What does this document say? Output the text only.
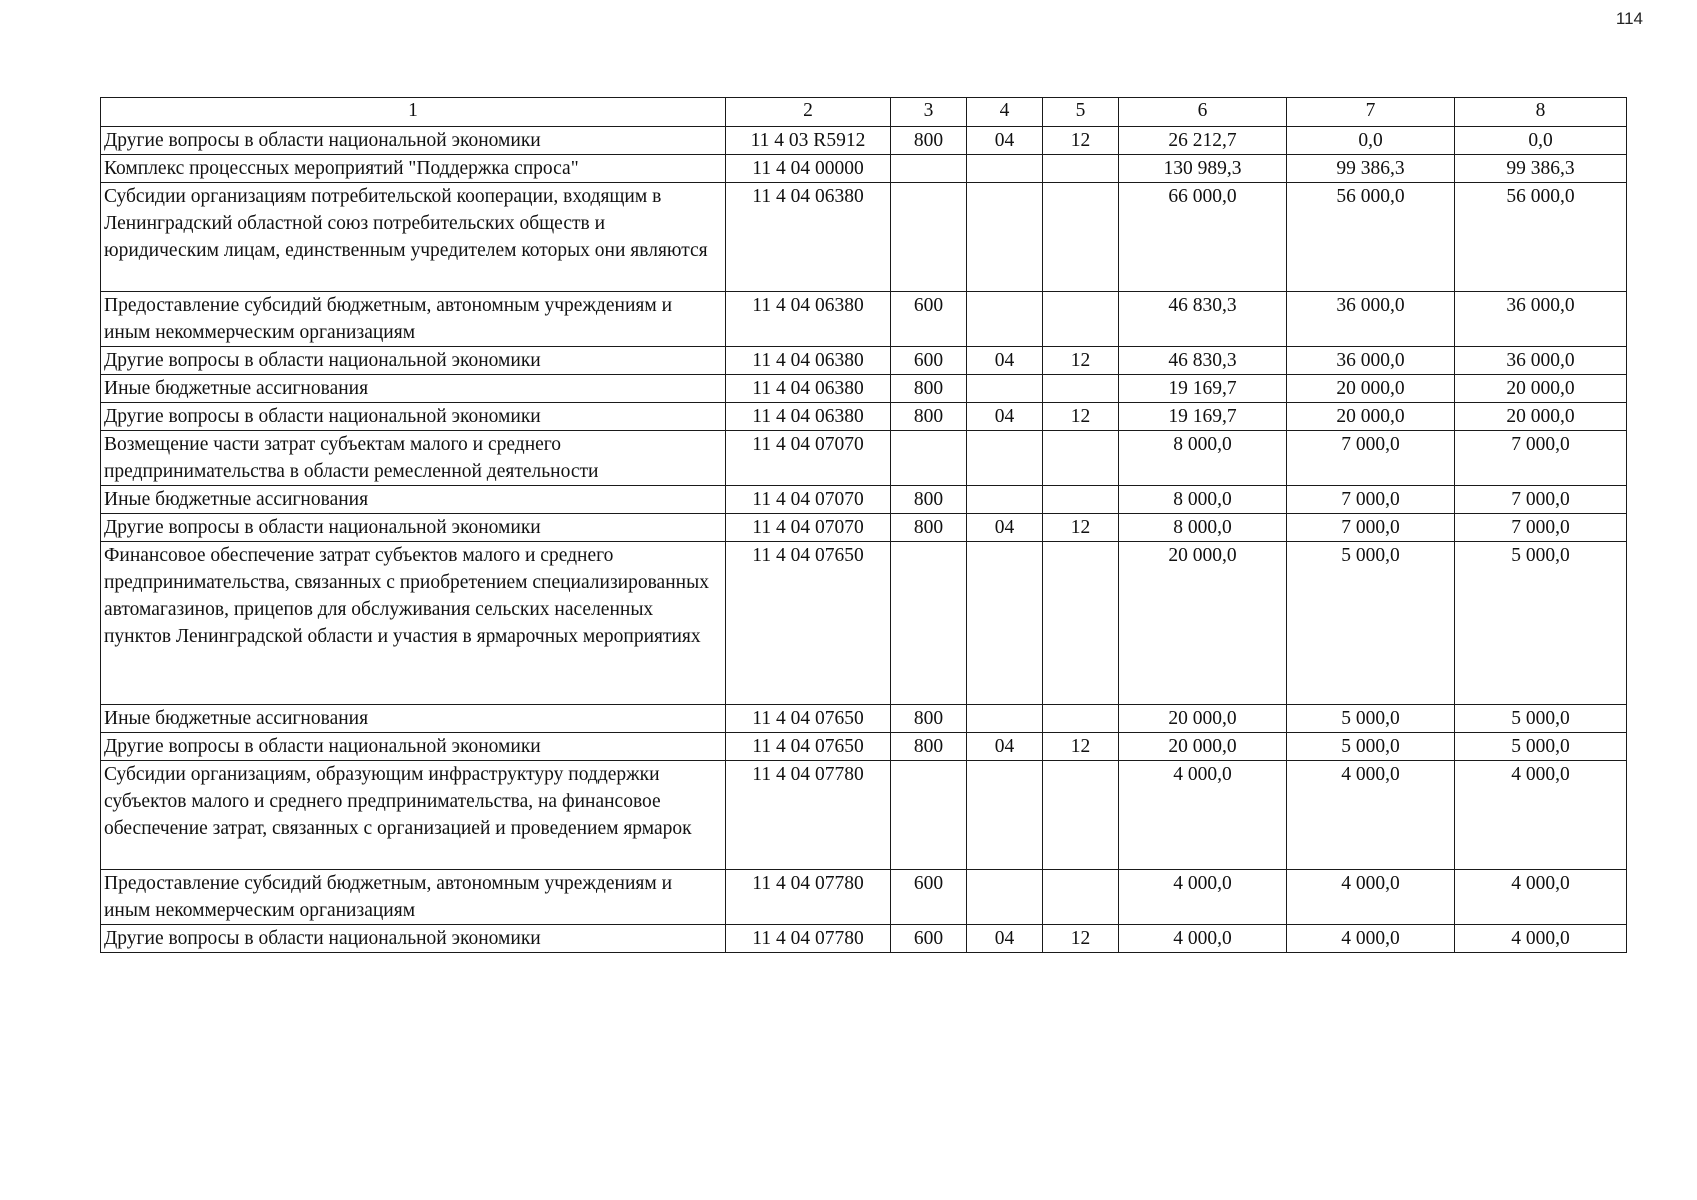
114
1	2	3	4	5	6	7	8
Другие вопросы в области национальной экономики	11 4 03 R5912	800	04	12	26 212,7	0,0	0,0
Комплекс процессных мероприятий "Поддержка спроса"	11 4 04 00000				130 989,3	99 386,3	99 386,3
Субсидии организациям потребительской кооперации, входящим в Ленинградский областной союз потребительских обществ и юридическим лицам, единственным учредителем которых они являются	11 4 04 06380				66 000,0	56 000,0	56 000,0
Предоставление субсидий бюджетным, автономным учреждениям и иным некоммерческим организациям	11 4 04 06380	600			46 830,3	36 000,0	36 000,0
Другие вопросы в области национальной экономики	11 4 04 06380	600	04	12	46 830,3	36 000,0	36 000,0
Иные бюджетные ассигнования	11 4 04 06380	800			19 169,7	20 000,0	20 000,0
Другие вопросы в области национальной экономики	11 4 04 06380	800	04	12	19 169,7	20 000,0	20 000,0
Возмещение части затрат субъектам малого и среднего предпринимательства в области ремесленной деятельности	11 4 04 07070				8 000,0	7 000,0	7 000,0
Иные бюджетные ассигнования	11 4 04 07070	800			8 000,0	7 000,0	7 000,0
Другие вопросы в области национальной экономики	11 4 04 07070	800	04	12	8 000,0	7 000,0	7 000,0
Финансовое обеспечение затрат субъектов малого и среднего предпринимательства, связанных с приобретением специализированных автомагазинов, прицепов для обслуживания сельских населенных пунктов Ленинградской области и участия в ярмарочных мероприятиях	11 4 04 07650				20 000,0	5 000,0	5 000,0
Иные бюджетные ассигнования	11 4 04 07650	800			20 000,0	5 000,0	5 000,0
Другие вопросы в области национальной экономики	11 4 04 07650	800	04	12	20 000,0	5 000,0	5 000,0
Субсидии организациям, образующим инфраструктуру поддержки субъектов малого и среднего предпринимательства, на финансовое обеспечение затрат, связанных с организацией и проведением ярмарок	11 4 04 07780				4 000,0	4 000,0	4 000,0
Предоставление субсидий бюджетным, автономным учреждениям и иным некоммерческим организациям	11 4 04 07780	600			4 000,0	4 000,0	4 000,0
Другие вопросы в области национальной экономики	11 4 04 07780	600	04	12	4 000,0	4 000,0	4 000,0
